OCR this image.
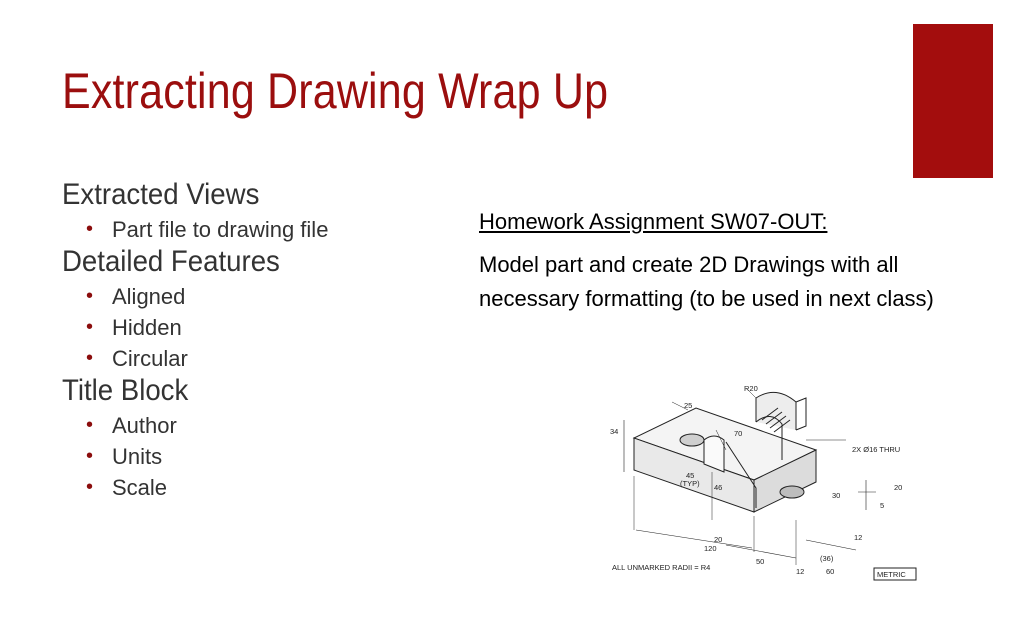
Extracting Drawing Wrap Up
Extracted Views
• Part file to drawing file
Detailed Features
• Aligned
• Hidden
• Circular
Title Block
• Author
• Units
• Scale

Homework Assignment SW07-OUT:

Model part and create 2D Drawings with all necessary formatting (to be used in next class)

R20
25
34	70
2X Ø16 THRU
45
(TYP) 46
30
20
5
20
120
12
50	(36)
12	60
ALL UNMARKED RADII = R4
METRIC
